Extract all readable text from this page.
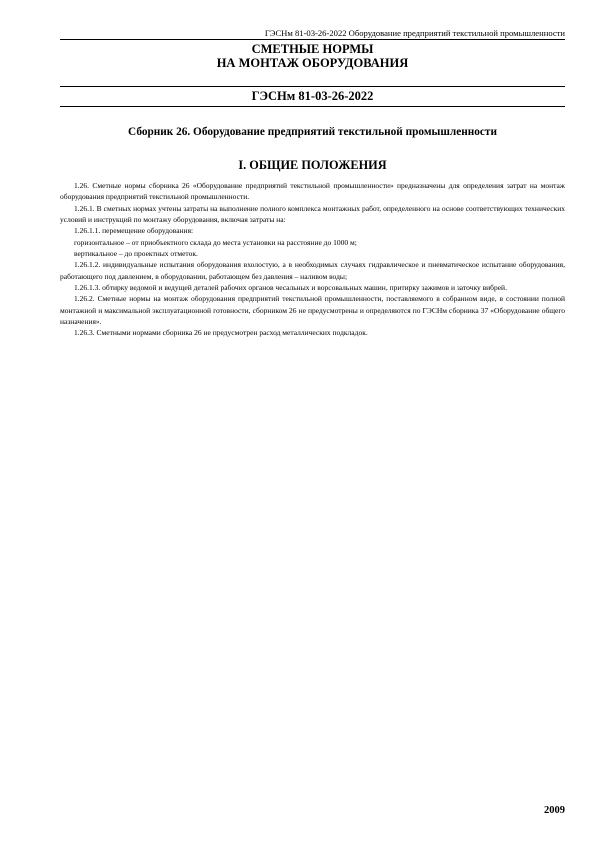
ГЭСНм 81-03-26-2022 Оборудование предприятий текстильной промышленности
СМЕТНЫЕ НОРМЫ
НА МОНТАЖ ОБОРУДОВАНИЯ
ГЭСНм 81-03-26-2022
Сборник 26. Оборудование предприятий текстильной промышленности
I. ОБЩИЕ ПОЛОЖЕНИЯ

1.26. Сметные нормы сборника 26 «Оборудование предприятий текстильной промышленности» предназначены для определения затрат на монтаж оборудования предприятий текстильной промышленности.

1.26.1. В сметных нормах учтены затраты на выполнение полного комплекса монтажных работ, определенного на основе соответствующих технических условий и инструкций по монтажу оборудования, включая затраты на:

1.26.1.1. перемещение оборудования:

горизонтальное – от приобъектного склада до места установки на расстояние до 1000 м;

вертикальное – до проектных отметок.

1.26.1.2. индивидуальные испытания оборудования вхолостую, а в необходимых случаях гидравлическое и пневматическое испытание оборудования, работающего под давлением, в оборудовании, работающем без давления – наливом воды;

1.26.1.3. обтирку ведомой и ведущей деталей рабочих органов чесальных и ворсовальных машин, притирку зажимов и заточку вибрей.

1.26.2. Сметные нормы на монтаж оборудования предприятий текстильной промышленности, поставляемого в собранном виде, в состоянии полной монтажной и максимальной эксплуатационной готовности, сборником 26 не предусмотрены и определяются по ГЭСНм сборника 37 «Оборудование общего назначения».

1.26.3. Сметными нормами сборника 26 не предусмотрен расход металлических подкладок.

2009
